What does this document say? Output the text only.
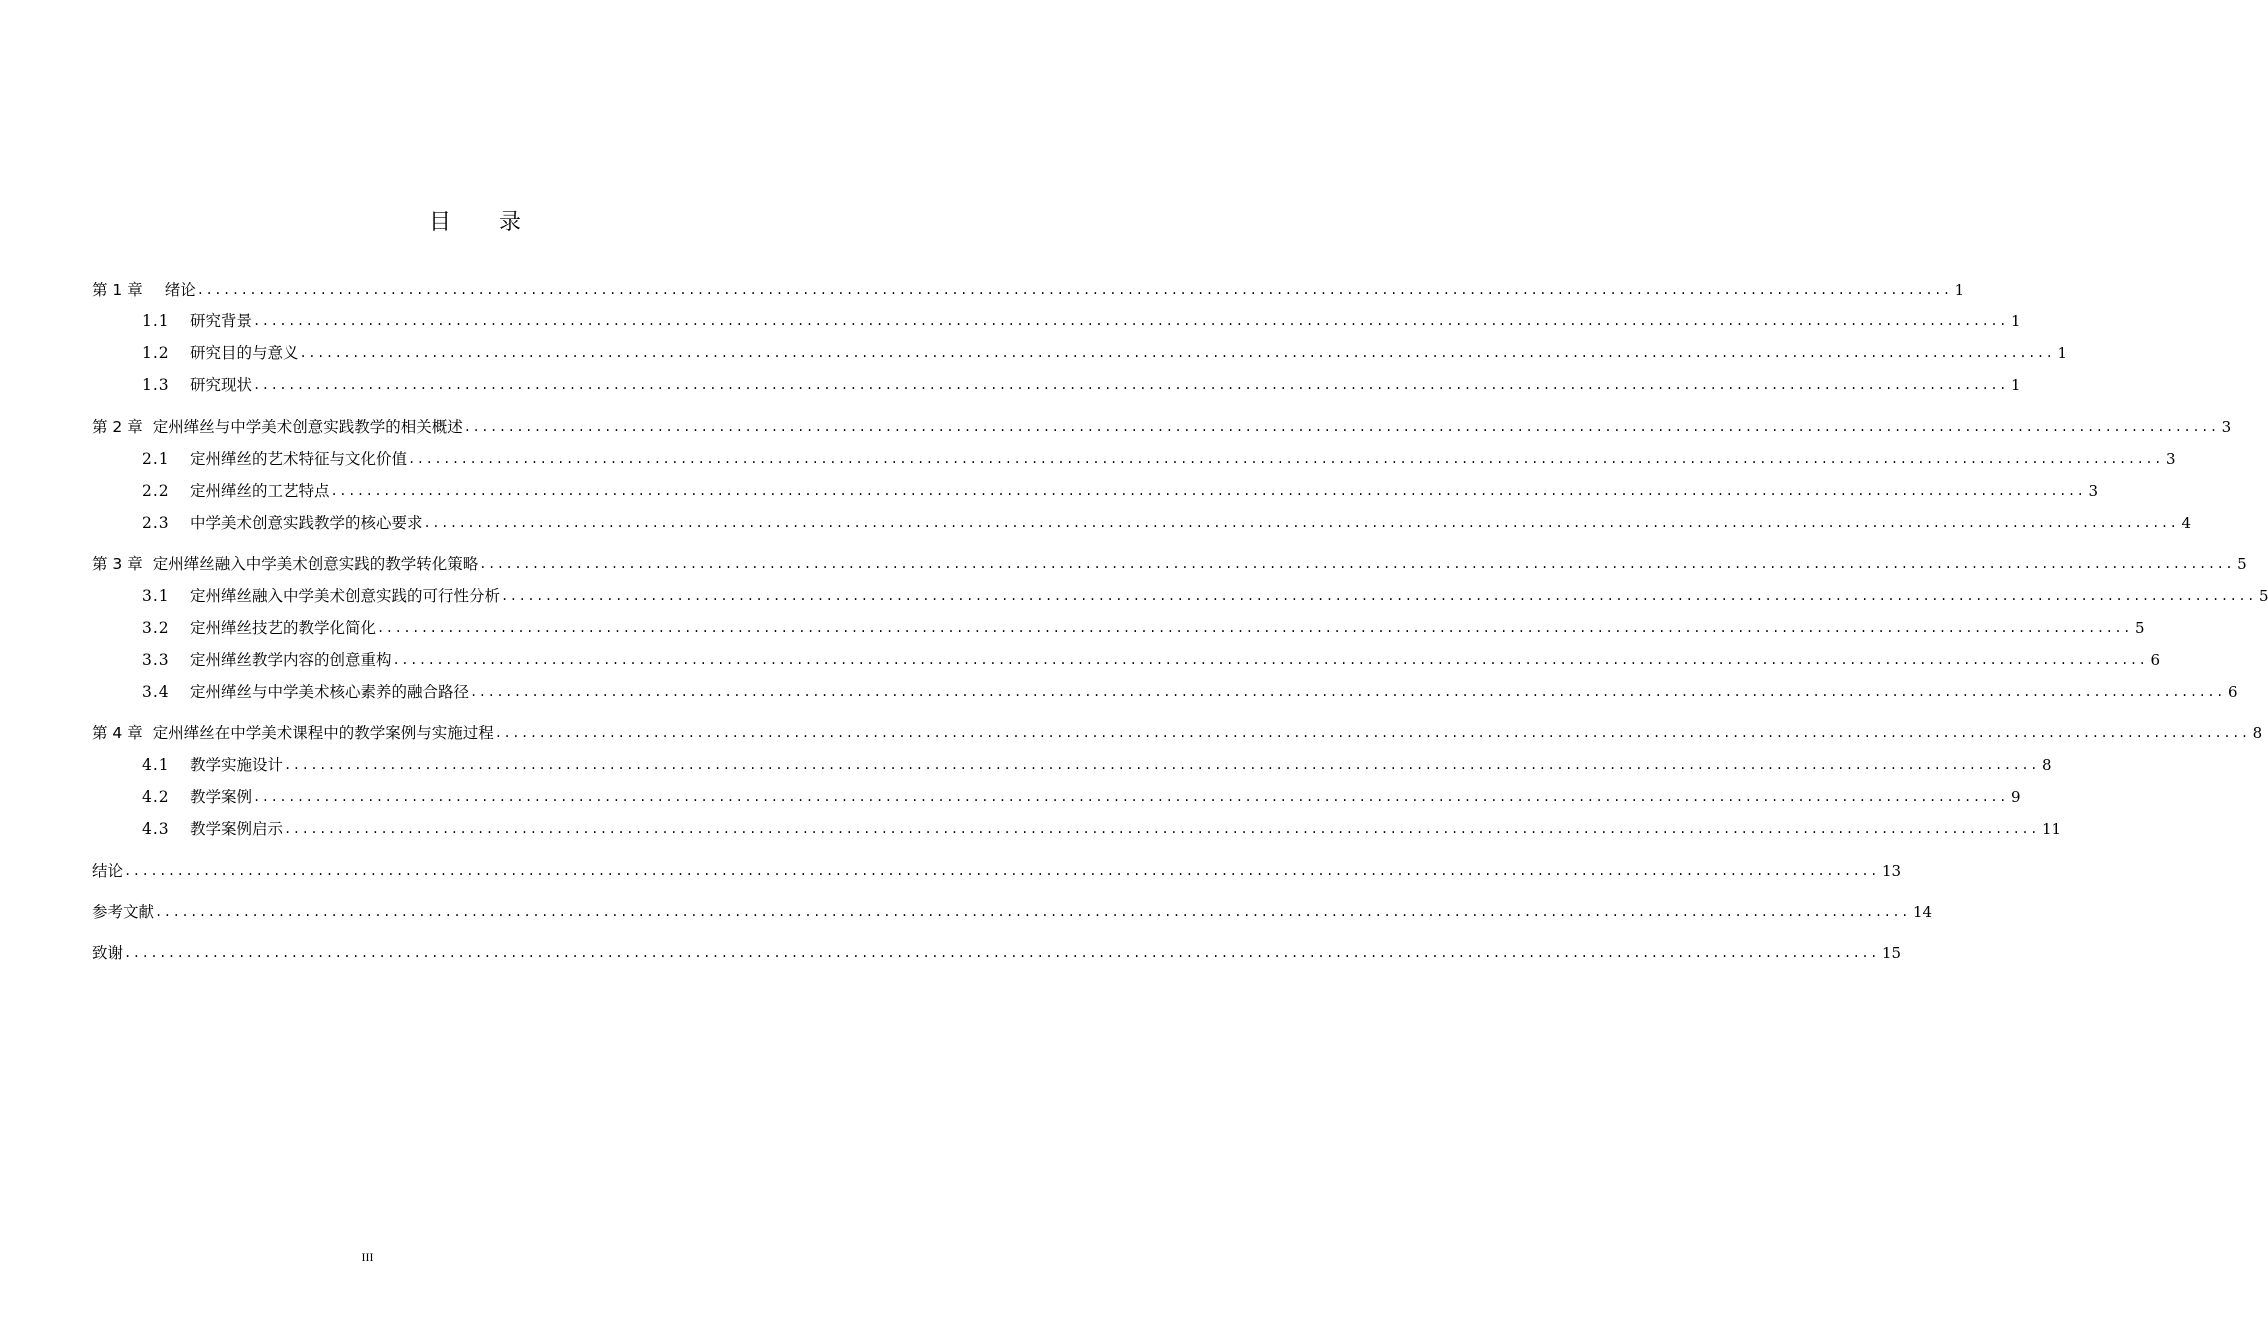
目 录
第 1 章 绪论 ........................................................................................................................................................................................................ 1
1.1	研究背景 ........................................................................................................................................................................................................ 1
1.2	研究目的与意义 ........................................................................................................................................................................................................ 1
1.3	研究现状 ........................................................................................................................................................................................................ 1
第 2 章 定州缂丝与中学美术创意实践教学的相关概述 ........................................................................................................................................................................................................ 3
2.1	定州缂丝的艺术特征与文化价值 ........................................................................................................................................................................................................ 3
2.2	定州缂丝的工艺特点 ........................................................................................................................................................................................................ 3
2.3	中学美术创意实践教学的核心要求 ........................................................................................................................................................................................................ 4
第 3 章 定州缂丝融入中学美术创意实践的教学转化策略 ........................................................................................................................................................................................................ 5
3.1	定州缂丝融入中学美术创意实践的可行性分析 ........................................................................................................................................................................................................ 5
3.2	定州缂丝技艺的教学化简化 ........................................................................................................................................................................................................ 5
3.3	定州缂丝教学内容的创意重构 ........................................................................................................................................................................................................ 6
3.4	定州缂丝与中学美术核心素养的融合路径 ........................................................................................................................................................................................................ 6
第 4 章 定州缂丝在中学美术课程中的教学案例与实施过程 ........................................................................................................................................................................................................ 8
4.1	教学实施设计 ........................................................................................................................................................................................................ 8
4.2	教学案例 ........................................................................................................................................................................................................ 9
4.3	教学案例启示 ........................................................................................................................................................................................................ 11
结论 ........................................................................................................................................................................................................ 13
参考文献 ........................................................................................................................................................................................................ 14
致谢 ........................................................................................................................................................................................................ 15
III
